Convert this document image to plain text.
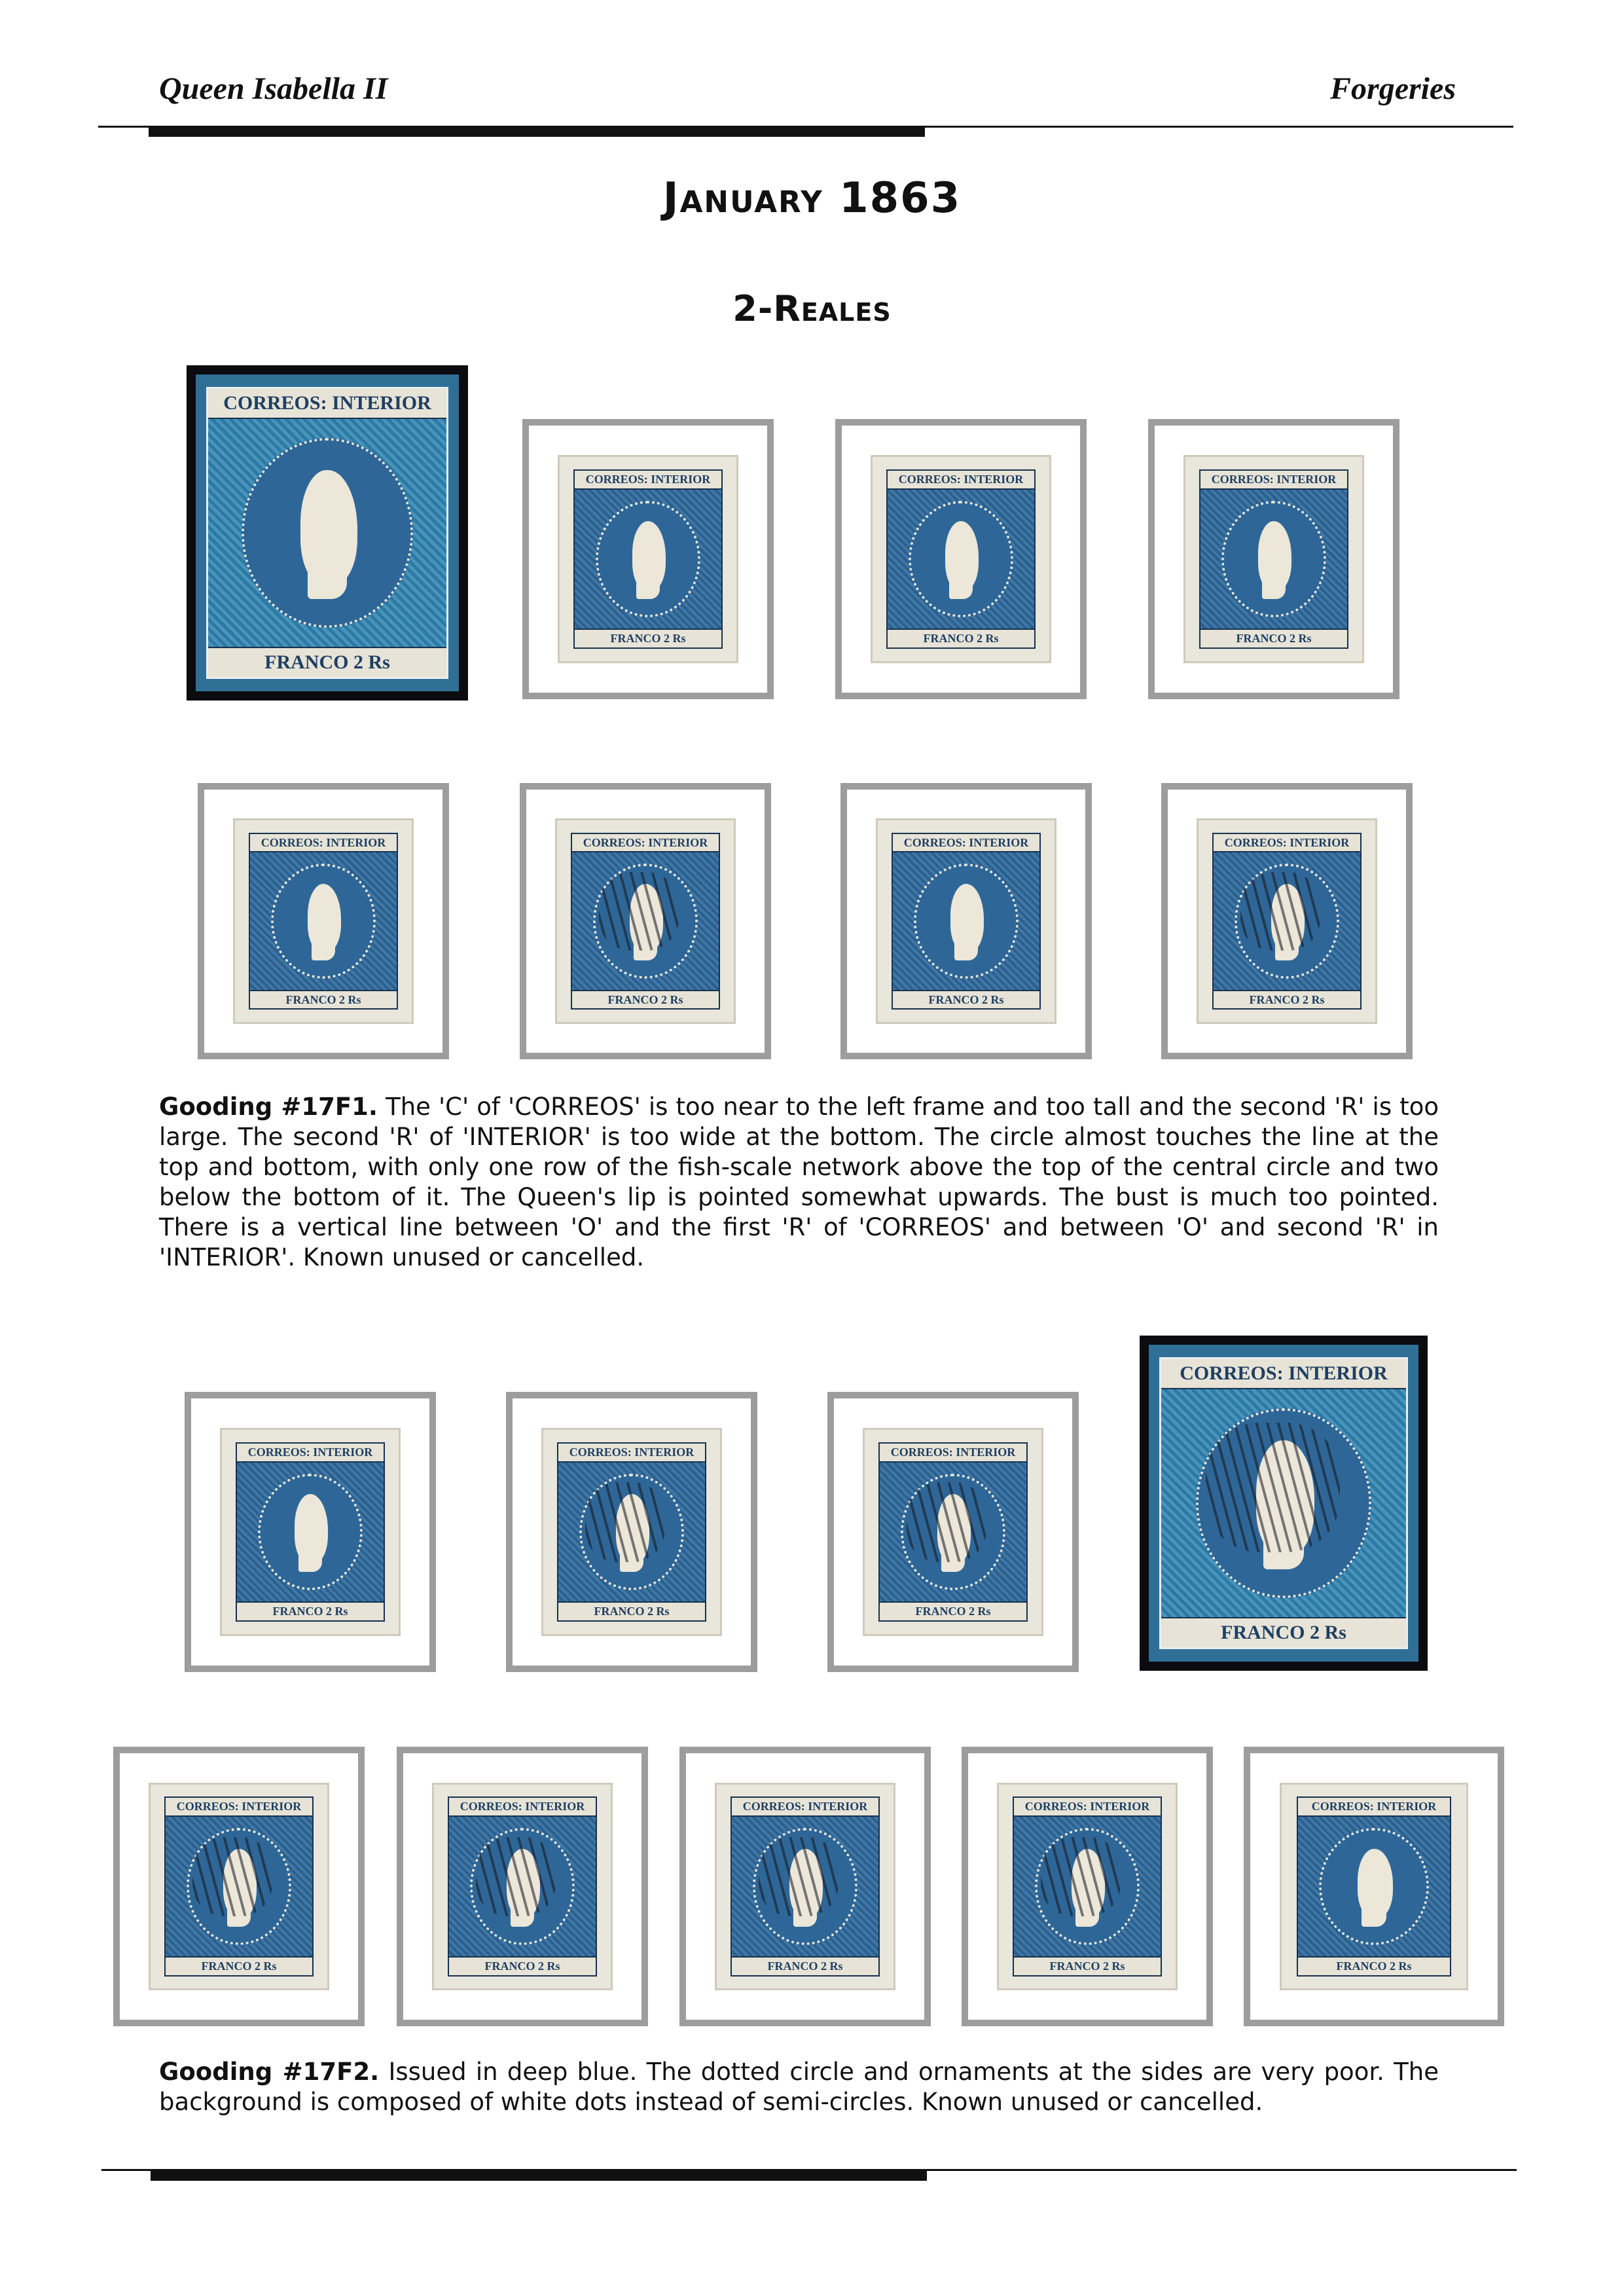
Queen Isabella II	Forgeries
January 1863
2-Reales
CORREOS: INTERIOR
FRANCO 2 Rs
CORREOS: INTERIOR
FRANCO 2 Rs
CORREOS: INTERIOR
FRANCO 2 Rs
CORREOS: INTERIOR
FRANCO 2 Rs
CORREOS: INTERIOR
FRANCO 2 Rs
CORREOS: INTERIOR
FRANCO 2 Rs
CORREOS: INTERIOR
FRANCO 2 Rs
CORREOS: INTERIOR
FRANCO 2 Rs
CORREOS: INTERIOR
FRANCO 2 Rs
CORREOS: INTERIOR
FRANCO 2 Rs
CORREOS: INTERIOR
FRANCO 2 Rs
CORREOS: INTERIOR
FRANCO 2 Rs
CORREOS: INTERIOR
FRANCO 2 Rs
CORREOS: INTERIOR
FRANCO 2 Rs
CORREOS: INTERIOR
FRANCO 2 Rs
CORREOS: INTERIOR
FRANCO 2 Rs
CORREOS: INTERIOR
FRANCO 2 Rs
Gooding #17F1. The 'C' of 'CORREOS' is too near to the left frame and too tall and the second 'R' is too large. The second 'R' of 'INTERIOR' is too wide at the bottom. The circle almost touches the line at the top and bottom, with only one row of the fish-scale network above the top of the central circle and two below the bottom of it. The Queen's lip is pointed somewhat upwards. The bust is much too pointed. There is a vertical line between 'O' and the first 'R' of 'CORREOS' and between 'O' and second 'R' in 'INTERIOR'. Known unused or cancelled.
Gooding #17F2. Issued in deep blue. The dotted circle and ornaments at the sides are very poor. The background is composed of white dots instead of semi-circles. Known unused or cancelled.
